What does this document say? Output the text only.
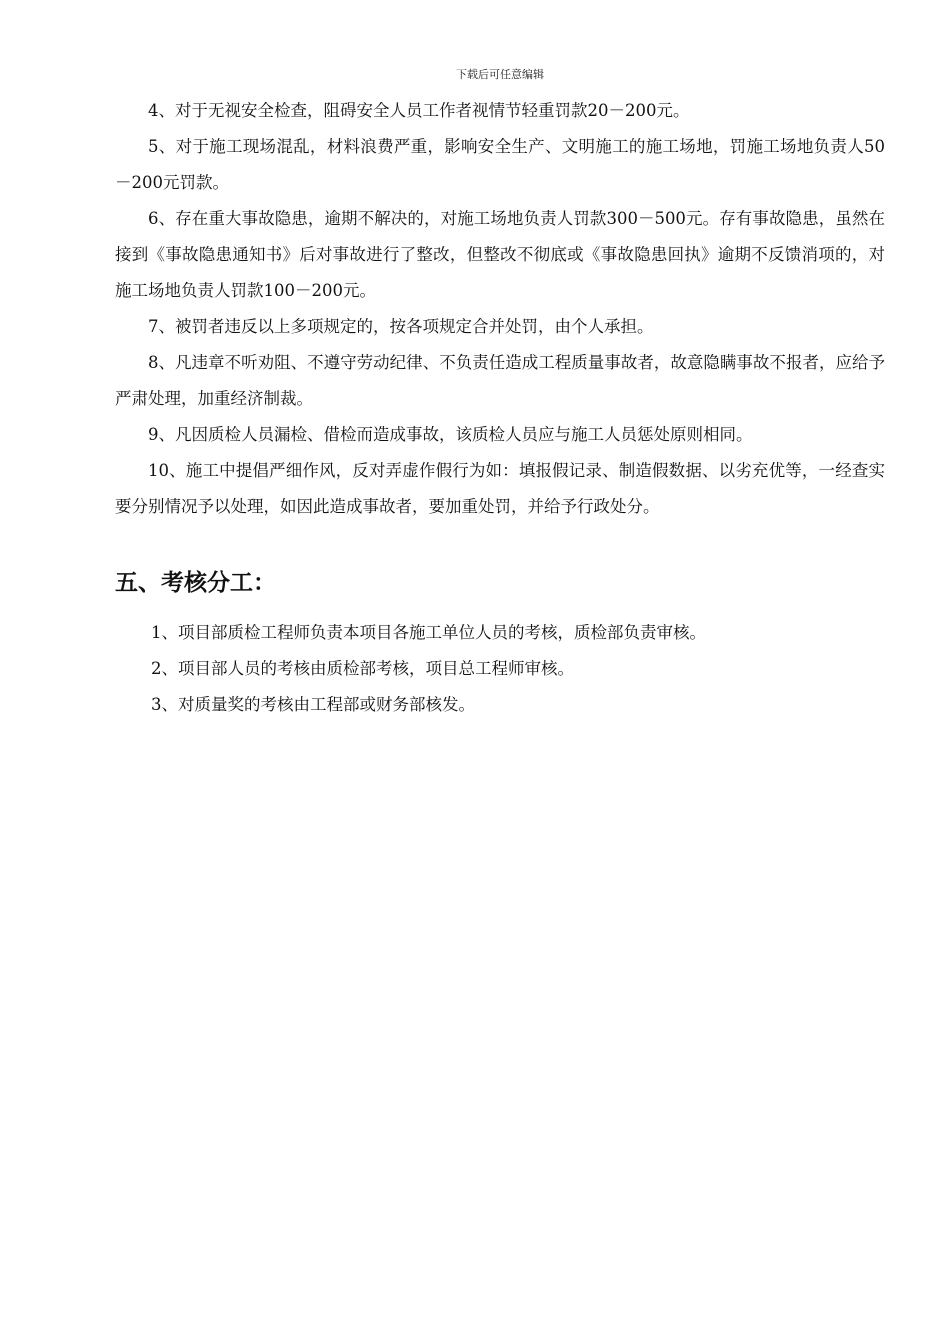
下载后可任意编辑

4、对于无视安全检查，阻碍安全人员工作者视情节轻重罚款20－200元。

5、对于施工现场混乱，材料浪费严重，影响安全生产、文明施工的施工场地，罚施工场地负责人50－200元罚款。

6、存在重大事故隐患，逾期不解决的，对施工场地负责人罚款300－500元。存有事故隐患，虽然在接到《事故隐患通知书》后对事故进行了整改，但整改不彻底或《事故隐患回执》逾期不反馈消项的，对施工场地负责人罚款100－200元。

7、被罚者违反以上多项规定的，按各项规定合并处罚，由个人承担。

8、凡违章不听劝阻、不遵守劳动纪律、不负责任造成工程质量事故者，故意隐瞒事故不报者，应给予严肃处理，加重经济制裁。

9、凡因质检人员漏检、借检而造成事故，该质检人员应与施工人员惩处原则相同。

10、施工中提倡严细作风，反对弄虚作假行为如：填报假记录、制造假数据、以劣充优等，一经查实要分别情况予以处理，如因此造成事故者，要加重处罚，并给予行政处分。

五、考核分工：

1、项目部质检工程师负责本项目各施工单位人员的考核，质检部负责审核。

2、项目部人员的考核由质检部考核，项目总工程师审核。

3、对质量奖的考核由工程部或财务部核发。
